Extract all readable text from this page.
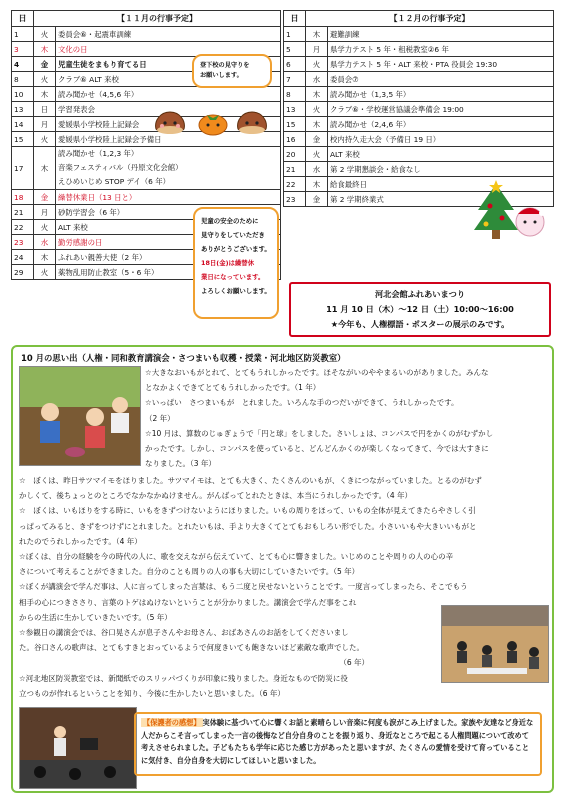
日	【１１月の行事予定】	
1	火	委員会⑥・起震車訓練
3	木	文化の日
4	金	児童生徒をまもり育てる日
8	火	クラブ⑥ ALT 来校
10	木	読み聞かせ（4,5,6 年）
13	日	学習発表会
14	月	愛媛県小学校陸上記録会
15	火	愛媛県小学校陸上記録会予備日
17	木	読み聞かせ（1,2,3 年）
音楽フェスティバル（丹原文化会館）
えひめいじめ STOP デイ（6 年）

18	金	繰替休業日（13 日と）
21	月	砂防学習会（6 年）
22	火	ALT 来校
23	水	勤労感謝の日
24	木	ふれあい親善大使（2 年）
29	火	薬物乱用防止教室（5・6 年）
日	【１２月の行事予定】	
1	木	避難訓練
5	月	県学力テスト 5 年・租税教室②6 年
6	火	県学力テスト 5 年・ALT 来校・PTA 役員会 19:30
7	水	委員会⑦
8	木	読み聞かせ（1,3,5 年）
13	火	クラブ⑥・学校運営協議会準備会 19:00
15	木	読み聞かせ（2,4,6 年）
16	金	校内持久走大会（予備日 19 日）
20	火	ALT 来校
21	水	第 2 学期懇談会・給食なし
22	木	給食最終日
23	金	第 2 学期終業式
登下校の見守りを
お願いします。
児童の安全のために
見守りをしていただき
ありがとうございます。
18日(金)は繰替休
業日になっています。
よろしくお願いします。	河北会館ふれあいまつり
11 月 10 日（木）～12 日（土）10:00～16:00
★今年も、人権標語・ポスターの展示のみです。
10 月の思い出（人権・同和教育講演会・さつまいも収穫・授業・河北地区防災教室）
☆大きなおいもがとれて、とてもうれしかったです。ほそながいのややまるいのがありました。みんな
となかよくできてとてもうれしかったです。（1 年）
☆いっぱい　さつまいもが　とれました。いろんな手のつだいができて、うれしかったです。
（2 年）
☆10 月は、算数のじゅぎょうで「円と球」をしました。さいしょは、コンパスで円をかくのがむずかし
かったです。しかし、コンパスを使っていると、どんどんかくのが楽しくなってきて、今では大すきに
なりました。（3 年）
☆　ぼくは、昨日サツマイモをほりました。サツマイモは、とても大きく、たくさんのいもが、くきにつながっていました。とるのがむず
かしくて、後ちょっとのところでなかなかぬけません。がんばってとれたときは、本当にうれしかったです。（4 年）
☆　ぼくは、いもほりをする時に、いもをきずつけないようにほりました。いもの周りをほって、いもの全体が見えてきたらやさしく引
っぱってみると、きずをつけずにとれました。とれたいもは、手より大きくてとてもおもしろい形でした。小さいいもや大きいいもがと
れたのでうれしかったです。（4 年）
☆ぼくは、自分の経験を今の時代の人に、歌を交えながら伝えていて、とても心に響きました。いじめのことや周りの人の心の辛
さについて考えることができました。自分のことも周りの人の事も大切にしていきたいです。（5 年）
☆ぼくが講演会で学んだ事は、人に言ってしまった言葉は、もう二度と戻せないということです。一度言ってしまったら、そこでもう
相手の心につきささり、言葉のトゲはぬけないということが分かりました。講演会で学んだ事をこれ
からの生活に生かしていきたいです。（5 年）
☆参観日の講演会では、谷口晃さんが息子さんやお母さん、おばあさんのお話をしてくださいまし
た。谷口さんの歌声は、とてもすきとおっているようで何度きいても飽きないほど素敵な歌声でした。
（6 年）
☆河北地区防災教室では、新聞紙でのスリッパづくりが印象に残りました。身近なもので防災に役
立つものが作れるということを知り、今後に生かしたいと思いました。（6 年）
【保護者の感想】 実体験に基づいて心に響くお話と素晴らしい音楽に何度も涙がこみ上げました。家族や友達など身近な人だからこそ言ってしまった一言の後悔など自分自身のことを振り返り、身近なところで起こる人権問題について改めて考えさせられました。子どもたちも学年に応じた感じ方があったと思いますが、たくさんの愛情を受けて育っていることに気付き、自分自身を大切にしてほしいと思いました。
